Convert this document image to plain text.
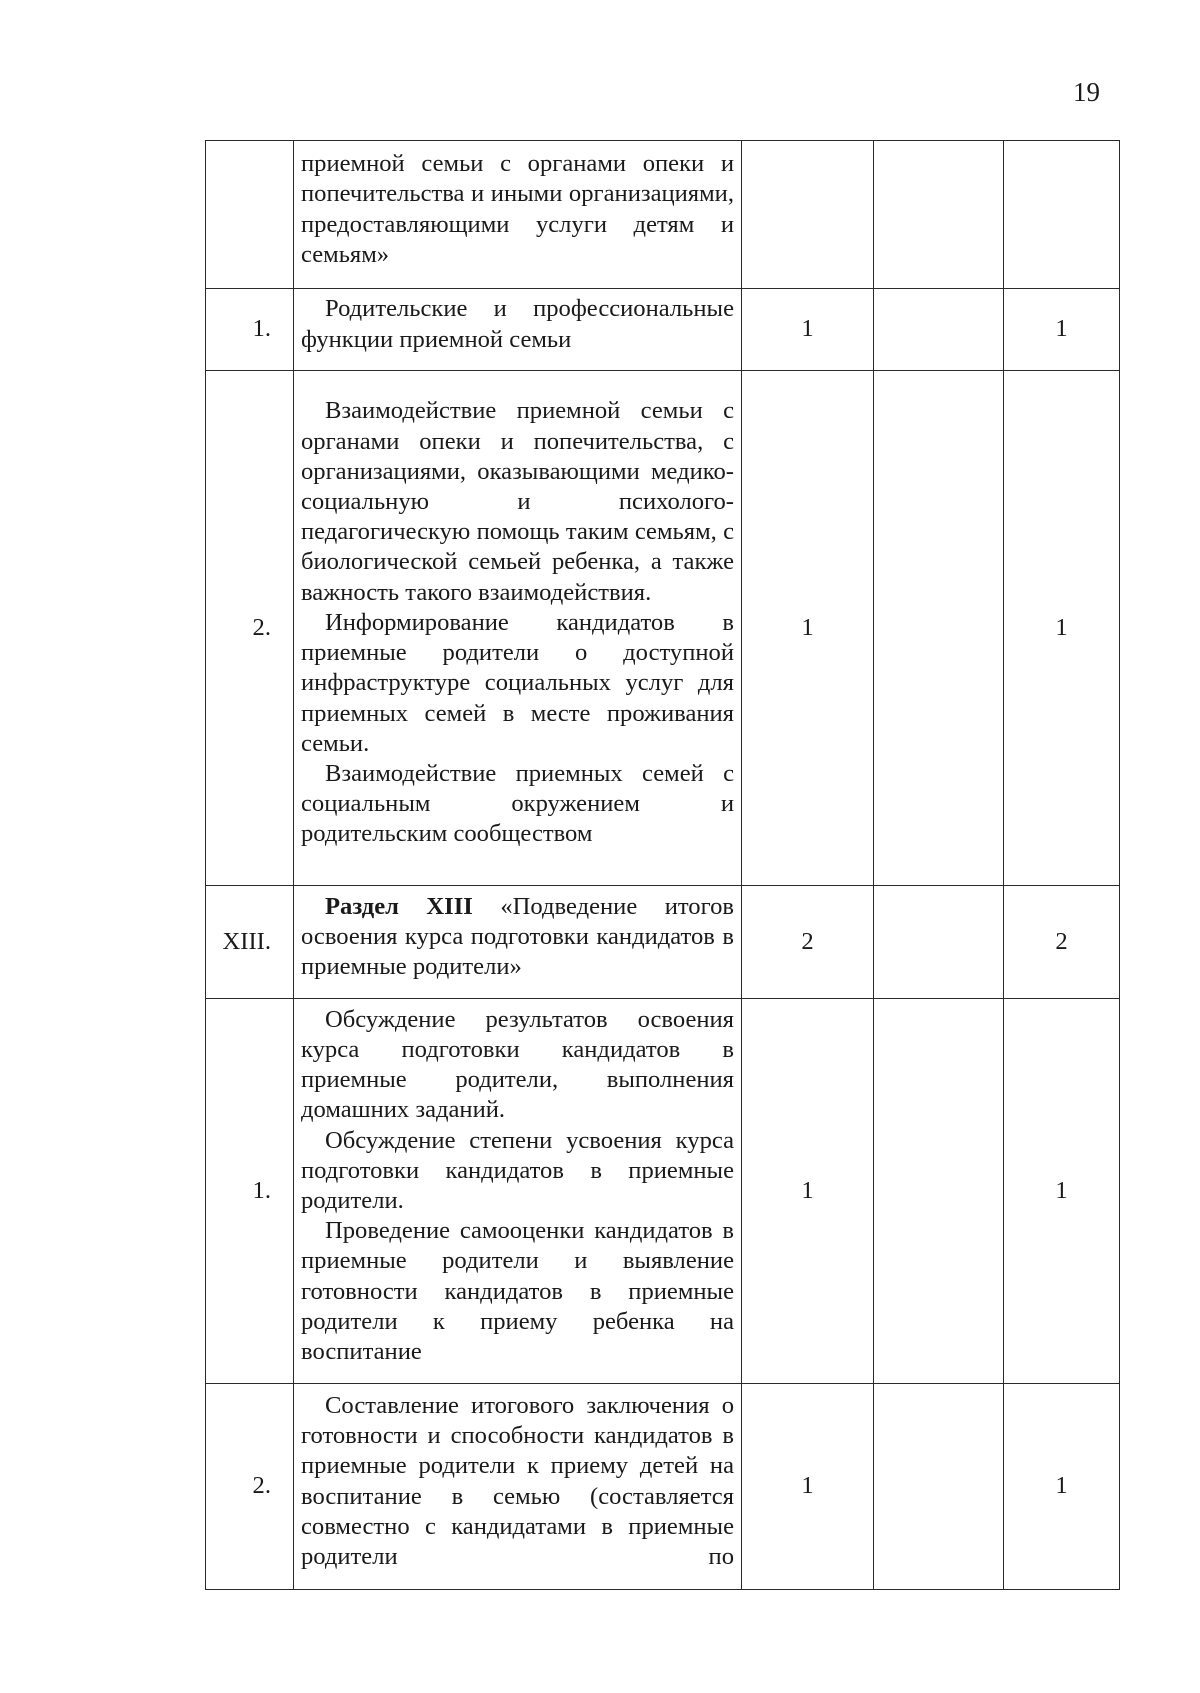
19

	приемной семьи с органами опеки и попечительства и иными организациями, предоставляющими услуги детям и семьям»			

1.	Родительские и профессиональные функции приемной семьи	1		1
2.	Взаимодействие приемной семьи с органами опеки и попечительства, с организациями, оказывающими медико-социальную и психолого-педагогическую помощь таким семьям, с биологической семьей ребенка, а также важность такого взаимодействия.

Информирование кандидатов в приемные родители о доступной инфраструктуре социальных услуг для приемных семей в месте проживания семьи.

Взаимодействие приемных семей с социальным окружением и родительским сообществом	1		1
XIII.	Раздел XIII «Подведение итогов освоения курса подготовки кандидатов в приемные родители»	2		2
1.	Обсуждение результатов освоения курса подготовки кандидатов в приемные родители, выполнения домашних заданий.

Обсуждение степени усвоения курса подготовки кандидатов в приемные родители.

Проведение самооценки кандидатов в приемные родители и выявление готовности кандидатов в приемные родители к приему ребенка на воспитание	1		1
2.	Составление итогового заключения о готовности и способности кандидатов в приемные родители к приему детей на воспитание в семью (составляется совместно с кандидатами в приемные родители по	1		1
